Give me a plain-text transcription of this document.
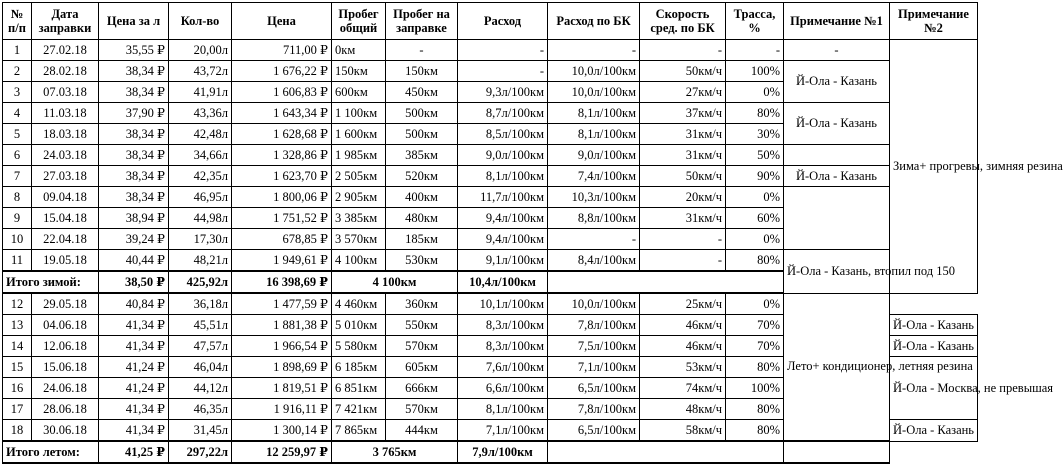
№ п/п	Дата заправки	Цена за л	Кол-во	Цена	Пробег общий	Пробег на заправке	Расход	Расход по БК	Скорость сред. по БК	Трасса, %	Примечание №1	Примечание №2
1	27.02.18	35,55 ₽	20,00л	711,00 ₽	0км	-	-	-	-	-	-	Зима+ прогревы, зимняя резина
2	28.02.18	38,34 ₽	43,72л	1 676,22 ₽	150км	150км	-	10,0л/100км	50км/ч	100%	Й-Ола - Казань	
3	07.03.18	38,34 ₽	41,91л	1 606,83 ₽	600км	450км	9,3л/100км	10,0л/100км	27км/ч	0%		
4	11.03.18	37,90 ₽	43,36л	1 643,34 ₽	1 100км	500км	8,7л/100км	8,1л/100км	37км/ч	80%	Й-Ола - Казань	
5	18.03.18	38,34 ₽	42,48л	1 628,68 ₽	1 600км	500км	8,5л/100км	8,1л/100км	31км/ч	30%		
6	24.03.18	38,34 ₽	34,66л	1 328,86 ₽	1 985км	385км	9,0л/100км	9,0л/100км	31км/ч	50%		
7	27.03.18	38,34 ₽	42,35л	1 623,70 ₽	2 505км	520км	8,1л/100км	7,4л/100км	50км/ч	90%	Й-Ола - Казань	
8	09.04.18	38,34 ₽	46,95л	1 800,06 ₽	2 905км	400км	11,7л/100км	10,3л/100км	20км/ч	0%		
9	15.04.18	38,94 ₽	44,98л	1 751,52 ₽	3 385км	480км	9,4л/100км	8,8л/100км	31км/ч	60%		
10	22.04.18	39,24 ₽	17,30л	678,85 ₽	3 570км	185км	9,4л/100км	-	-	0%		
11	19.05.18	40,44 ₽	48,21л	1 949,61 ₽	4 100км	530км	9,1л/100км	8,4л/100км	-	80%	Й-Ола - Казань, втопил под 150	
Итого зимой:		38,50 ₽	425,92л	16 398,69 ₽	4 100км		10,4л/100км					
12	29.05.18	40,84 ₽	36,18л	1 477,59 ₽	4 460км	360км	10,1л/100км	10,0л/100км	25км/ч	0%	Лето+ кондиционер, летняя резина	
13	04.06.18	41,34 ₽	45,51л	1 881,38 ₽	5 010км	550км	8,3л/100км	7,8л/100км	46км/ч	70%		Й-Ола - Казань
14	12.06.18	41,34 ₽	47,57л	1 966,54 ₽	5 580км	570км	8,3л/100км	7,5л/100км	46км/ч	70%		Й-Ола - Казань
15	15.06.18	41,24 ₽	46,04л	1 898,69 ₽	6 185км	605км	7,6л/100км	7,1л/100км	53км/ч	80%		Й-Ола - Москва, не превышая
16	24.06.18	41,24 ₽	44,12л	1 819,51 ₽	6 851км	666км	6,6л/100км	6,5л/100км	74км/ч	100%		
17	28.06.18	41,34 ₽	46,35л	1 916,11 ₽	7 421км	570км	8,1л/100км	7,8л/100км	48км/ч	80%		
18	30.06.18	41,34 ₽	31,45л	1 300,14 ₽	7 865км	444км	7,1л/100км	6,5л/100км	58км/ч	80%		Й-Ола - Казань
Итого летом:		41,25 ₽	297,22л	12 259,97 ₽	3 765км		7,9л/100км					
